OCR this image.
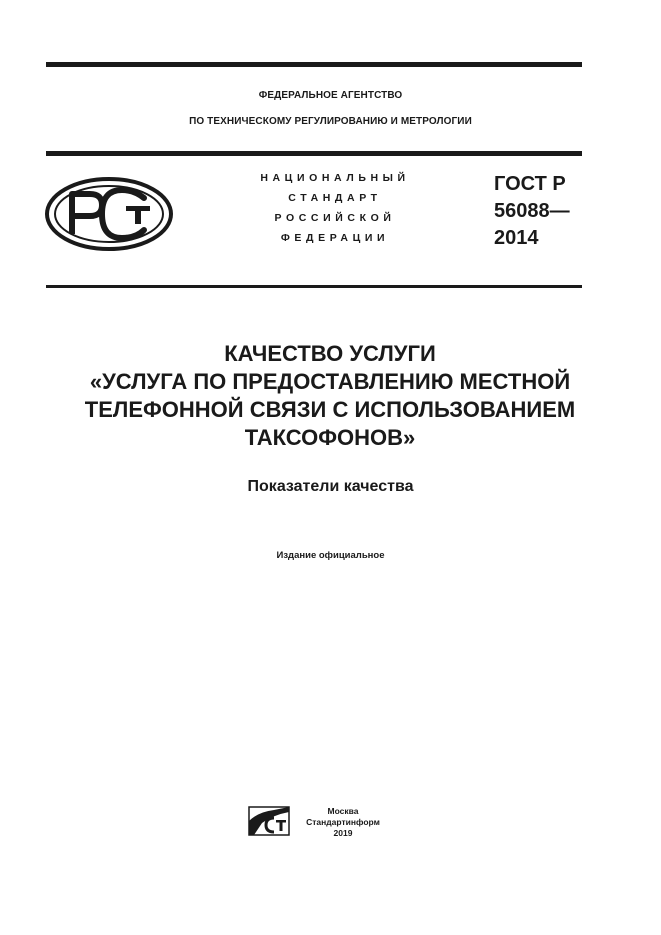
ФЕДЕРАЛЬНОЕ АГЕНТСТВО
ПО ТЕХНИЧЕСКОМУ РЕГУЛИРОВАНИЮ И МЕТРОЛОГИИ
НАЦИОНАЛЬНЫЙ
СТАНДАРТ
РОССИЙСКОЙ
ФЕДЕРАЦИИ
ГОСТ Р
56088—
2014
КАЧЕСТВО УСЛУГИ
«УСЛУГА ПО ПРЕДОСТАВЛЕНИЮ МЕСТНОЙ
ТЕЛЕФОННОЙ СВЯЗИ С ИСПОЛЬЗОВАНИЕМ
ТАКСОФОНОВ»
Показатели качества
Издание официальное
Москва
Стандартинформ
2019
